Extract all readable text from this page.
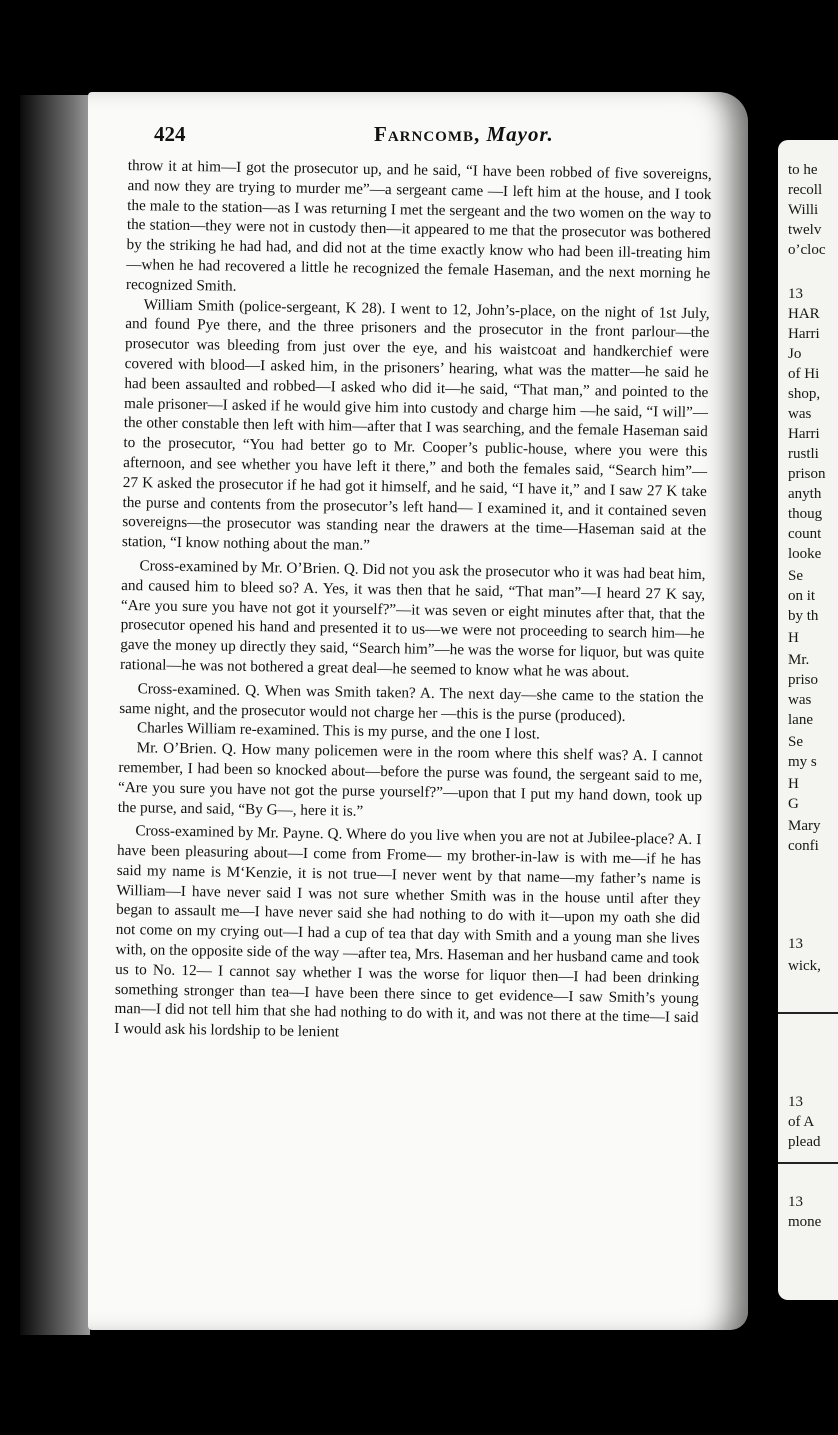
424	Farncomb, Mayor.

throw it at him—I got the prosecutor up, and he said, “I have been robbed of five sovereigns, and now they are trying to murder me”—a sergeant came —I left him at the house, and I took the male to the station—as I was returning I met the sergeant and the two women on the way to the station—they were not in custody then—it appeared to me that the prosecutor was bothered by the striking he had had, and did not at the time exactly know who had been ill-treating him—when he had recovered a little he recognized the female Haseman, and the next morning he recognized Smith.

William Smith (police-sergeant, K 28). I went to 12, John’s-place, on the night of 1st July, and found Pye there, and the three prisoners and the prosecutor in the front parlour—the prosecutor was bleeding from just over the eye, and his waistcoat and handkerchief were covered with blood—I asked him, in the prisoners’ hearing, what was the matter—he said he had been assaulted and robbed—I asked who did it—he said, “That man,” and pointed to the male prisoner—I asked if he would give him into custody and charge him —he said, “I will”—the other constable then left with him—after that I was searching, and the female Haseman said to the prosecutor, “You had better go to Mr. Cooper’s public-house, where you were this afternoon, and see whether you have left it there,” and both the females said, “Search him”— 27 K asked the prosecutor if he had got it himself, and he said, “I have it,” and I saw 27 K take the purse and contents from the prosecutor’s left hand— I examined it, and it contained seven sovereigns—the prosecutor was standing near the drawers at the time—Haseman said at the station, “I know nothing about the man.”

Cross-examined by Mr. O’Brien. Q. Did not you ask the prosecutor who it was had beat him, and caused him to bleed so? A. Yes, it was then that he said, “That man”—I heard 27 K say, “Are you sure you have not got it yourself?”—it was seven or eight minutes after that, that the prosecutor opened his hand and presented it to us—we were not proceeding to search him—he gave the money up directly they said, “Search him”—he was the worse for liquor, but was quite rational—he was not bothered a great deal—he seemed to know what he was about.

Cross-examined. Q. When was Smith taken? A. The next day—she came to the station the same night, and the prosecutor would not charge her —this is the purse (produced).

Charles William re-examined. This is my purse, and the one I lost.

Mr. O’Brien. Q. How many policemen were in the room where this shelf was? A. I cannot remember, I had been so knocked about—before the purse was found, the sergeant said to me, “Are you sure you have not got the purse yourself?”—upon that I put my hand down, took up the purse, and said, “By G—, here it is.”

Cross-examined by Mr. Payne. Q. Where do you live when you are not at Jubilee-place? A. I have been pleasuring about—I come from Frome— my brother-in-law is with me—if he has said my name is M‘Kenzie, it is not true—I never went by that name—my father’s name is William—I have never said I was not sure whether Smith was in the house until after they began to assault me—I have never said she had nothing to do with it—upon my oath she did not come on my crying out—I had a cup of tea that day with Smith and a young man she lives with, on the opposite side of the way —after tea, Mrs. Haseman and her husband came and took us to No. 12— I cannot say whether I was the worse for liquor then—I had been drinking something stronger than tea—I have been there since to get evidence—I saw Smith’s young man—I did not tell him that she had nothing to do with it, and was not there at the time—I said I would ask his lordship to be lenient

to he
recoll
Willi
twelv
o’cloc
13
HAR
Harri
Jo
of Hi
shop,
was
Harri
rustli
prison
anyth
thoug
count
looke
Se
on it
by th
H
Mr.
priso
was
lane
Se
my s
H
G
Mary
confi
13
wick,
13
of A
plead
13
mone
